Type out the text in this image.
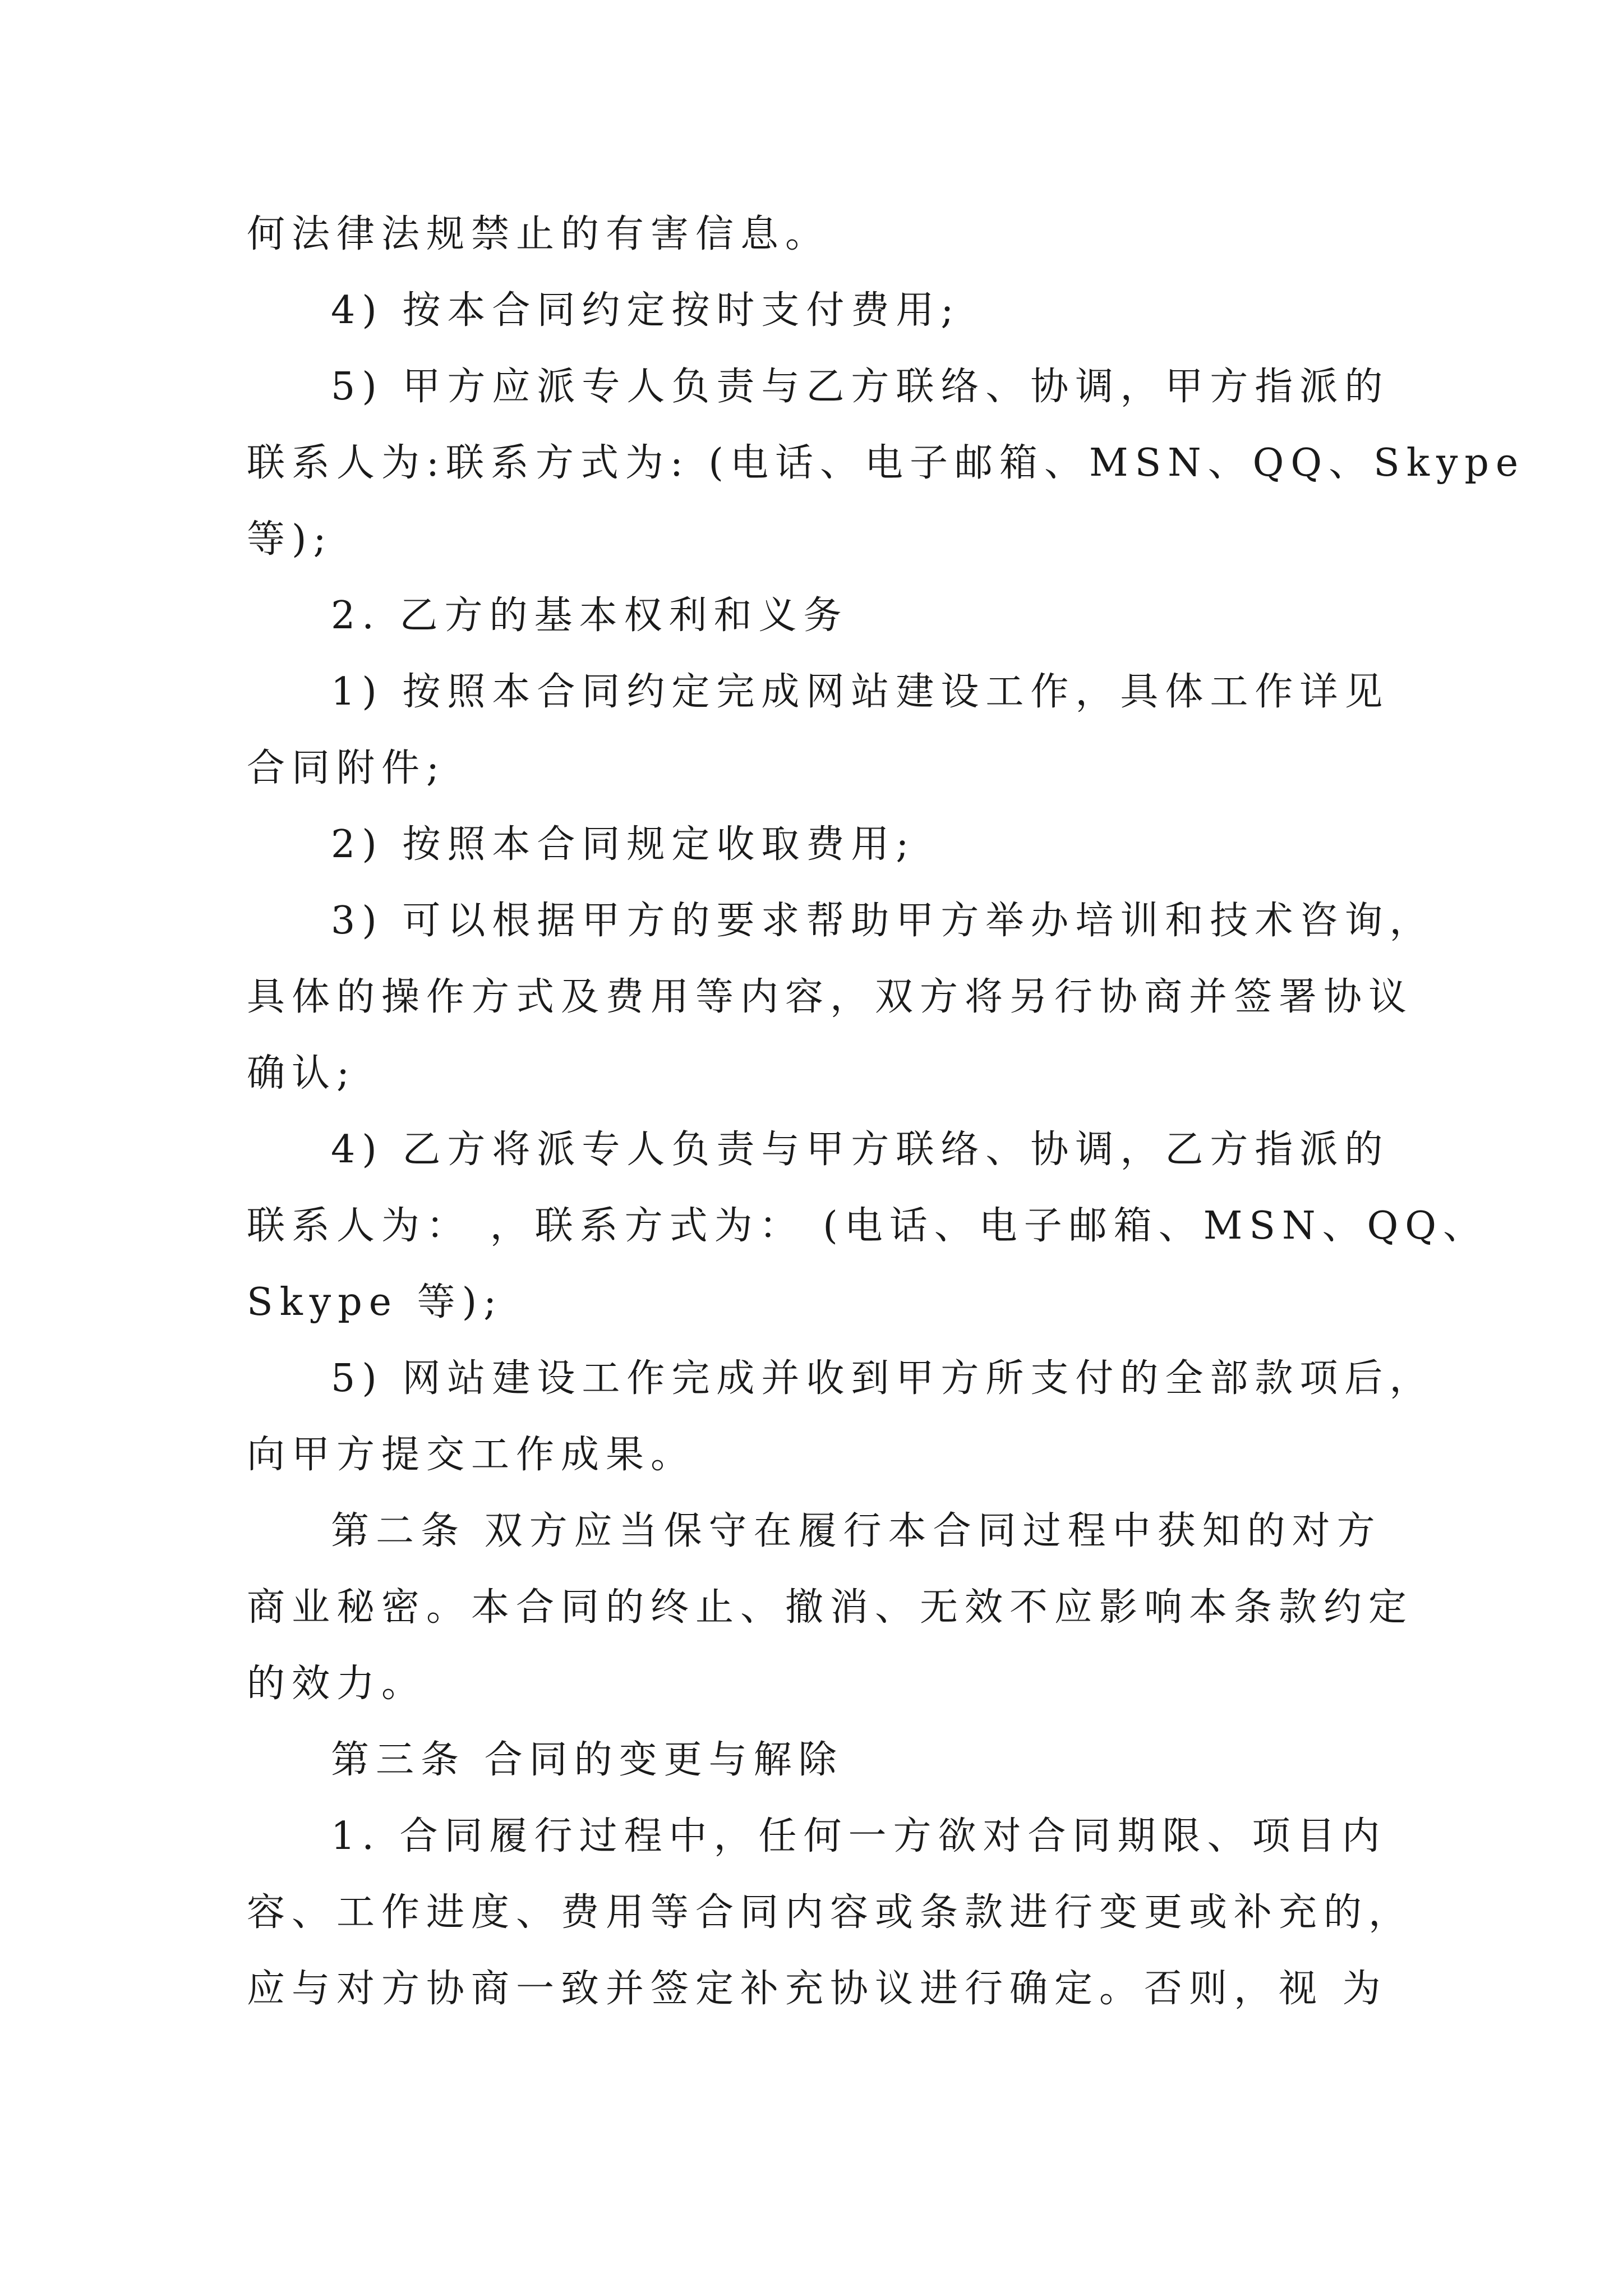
何法律法规禁止的有害信息。
4) 按本合同约定按时支付费用;
5) 甲方应派专人负责与乙方联络、协调，甲方指派的
联系人为:联系方式为: (电话、电子邮箱、MSN、QQ、Skype
等);
2. 乙方的基本权利和义务
1) 按照本合同约定完成网站建设工作，具体工作详见
合同附件;
2) 按照本合同规定收取费用;
3) 可以根据甲方的要求帮助甲方举办培训和技术咨询，
具体的操作方式及费用等内容，双方将另行协商并签署协议
确认;
4) 乙方将派专人负责与甲方联络、协调，乙方指派的
联系人为： ，联系方式为： (电话、电子邮箱、MSN、QQ、
Skype 等);
5) 网站建设工作完成并收到甲方所支付的全部款项后，
向甲方提交工作成果。
第二条 双方应当保守在履行本合同过程中获知的对方
商业秘密。本合同的终止、撤消、无效不应影响本条款约定
的效力。
第三条 合同的变更与解除
1. 合同履行过程中，任何一方欲对合同期限、项目内
容、工作进度、费用等合同内容或条款进行变更或补充的，
应与对方协商一致并签定补充协议进行确定。否则，视 为
